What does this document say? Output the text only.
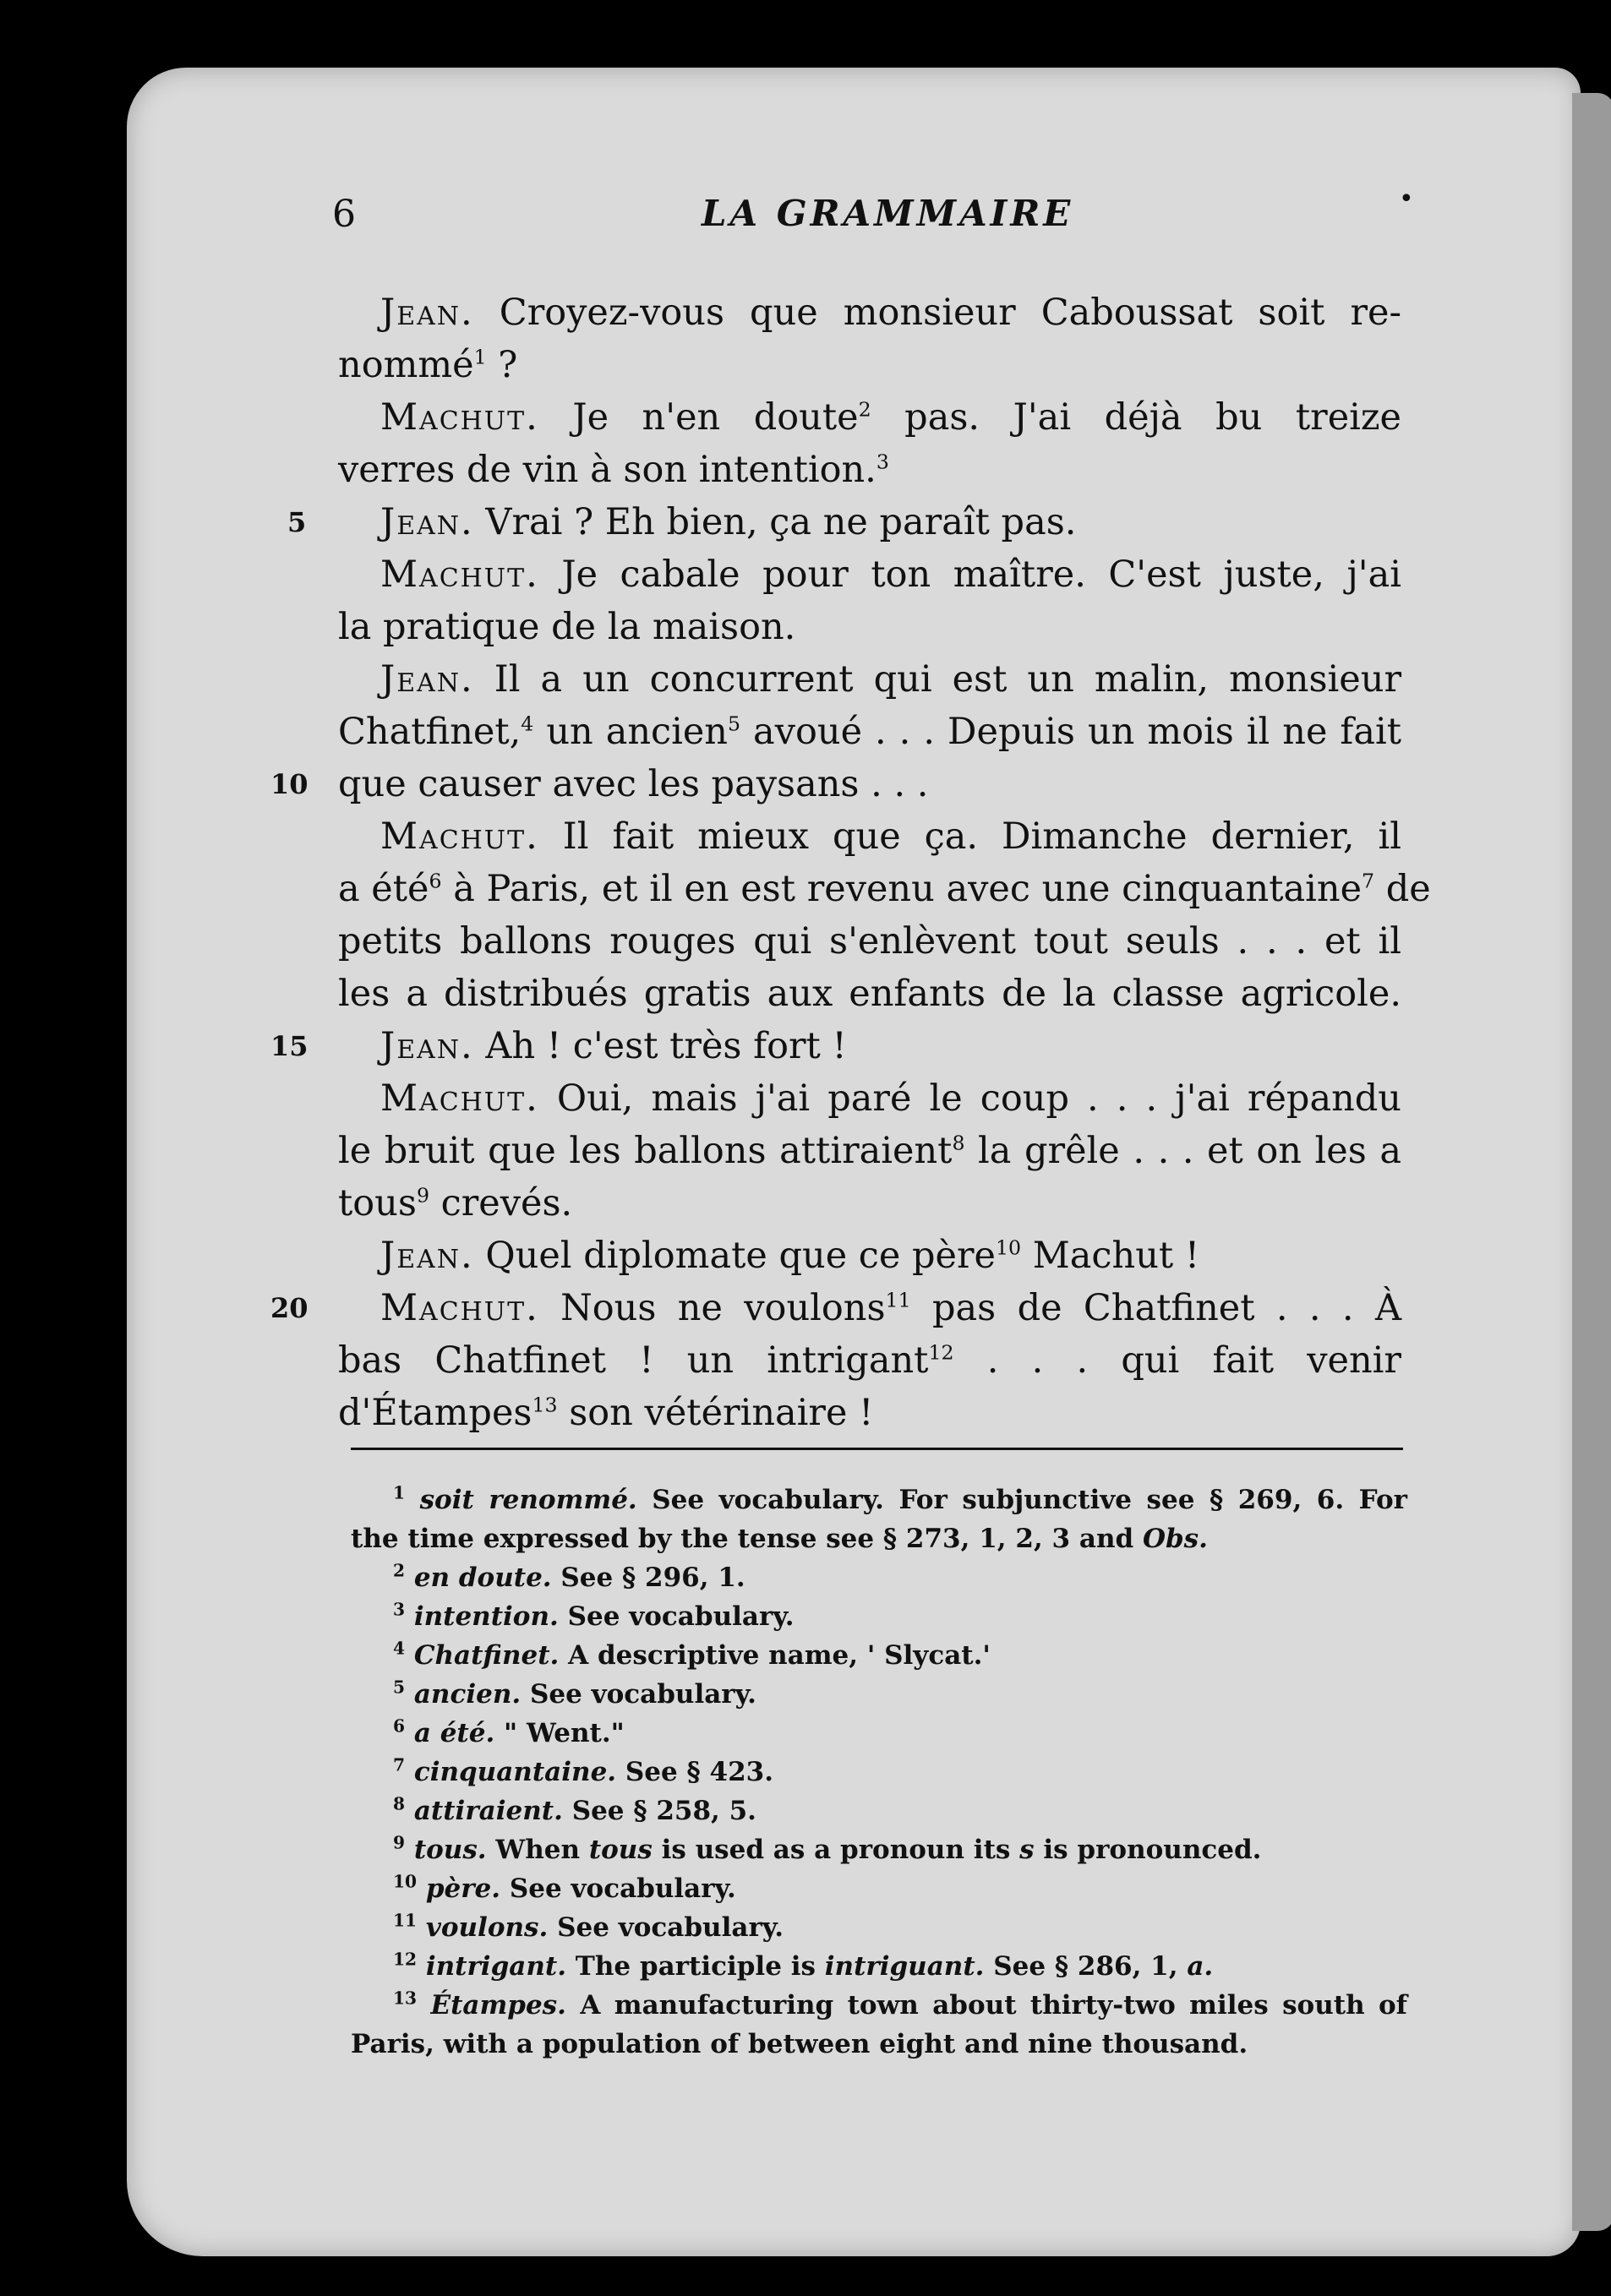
6	LA GRAMMAIRE	•
Jean. Croyez-vous que monsieur Caboussat soit re-
nommé$^1$ ?
Machut. Je n'en doute$^2$ pas. J'ai déjà bu treize
verres de vin à son intention.$^3$
5 Jean. Vrai ? Eh bien, ça ne paraît pas.
Machut. Je cabale pour ton maître. C'est juste, j'ai
la pratique de la maison.
Jean. Il a un concurrent qui est un malin, monsieur
Chatfinet,$^4$ un ancien$^5$ avoué . . . Depuis un mois il ne fait
10 que causer avec les paysans . . .
Machut. Il fait mieux que ça. Dimanche dernier, il
a été$^6$ à Paris, et il en est revenu avec une cinquantaine$^7$ de
petits ballons rouges qui s'enlèvent tout seuls . . . et il
les a distribués gratis aux enfants de la classe agricole.
15 Jean. Ah ! c'est très fort !
Machut. Oui, mais j'ai paré le coup . . . j'ai répandu
le bruit que les ballons attiraient$^8$ la grêle . . . et on les a
tous$^9$ crevés.
Jean. Quel diplomate que ce père$^{10}$ Machut !
20 Machut. Nous ne voulons$^{11}$ pas de Chatfinet . . . À
bas Chatfinet ! un intrigant$^{12}$ . . . qui fait venir
d'Étampes$^{13}$ son vétérinaire !
$^1$ soit renommé. See vocabulary. For subjunctive see § 269, 6. For
the time expressed by the tense see § 273, 1, 2, 3 and Obs.
$^2$ en doute. See § 296, 1.
$^3$ intention. See vocabulary.
$^4$ Chatfinet. A descriptive name, ' Slycat.'
$^5$ ancien. See vocabulary.
$^6$ a été. " Went."
$^7$ cinquantaine. See § 423.
$^8$ attiraient. See § 258, 5.
$^9$ tous. When tous is used as a pronoun its s is pronounced.
$^{10}$ père. See vocabulary.
$^{11}$ voulons. See vocabulary.
$^{12}$ intrigant. The participle is intriguant. See § 286, 1, a.
$^{13}$ Étampes. A manufacturing town about thirty-two miles south of
Paris, with a population of between eight and nine thousand.
